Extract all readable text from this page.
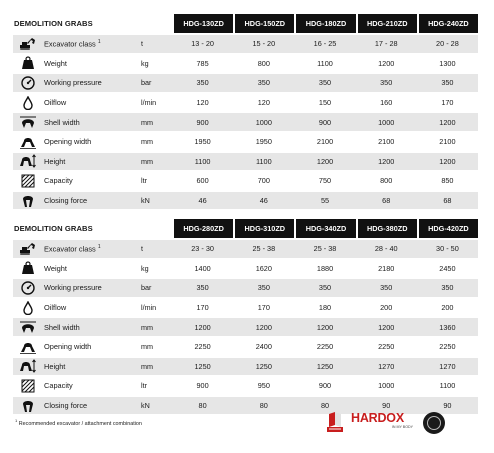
DEMOLITION GRABS	HDG-130ZD	HDG-150ZD	HDG-180ZD	HDG-210ZD	HDG-240ZD
Excavator class $^1$	t	13 - 20	15 - 20	16 - 25	17 - 28	20 - 28
Weight	kg	785	800	1100	1200	1300
Working pressure	bar	350	350	350	350	350
Oilflow	l/min	120	120	150	160	170
Shell width	mm	900	1000	900	1000	1200
Opening width	mm	1950	1950	2100	2100	2100
Height	mm	1100	1100	1200	1200	1200
Capacity	ltr	600	700	750	800	850
Closing force	kN	46	46	55	68	68
DEMOLITION GRABS	HDG-280ZD	HDG-310ZD	HDG-340ZD	HDG-380ZD	HDG-420ZD
Excavator class $^1$	t	23 - 30	25 - 38	25 - 38	28 - 40	30 - 50
Weight	kg	1400	1620	1880	2180	2450
Working pressure	bar	350	350	350	350	350
Oilflow	l/min	170	170	180	200	200
Shell width	mm	1200	1200	1200	1200	1360
Opening width	mm	2250	2400	2250	2250	2250
Height	mm	1250	1250	1250	1270	1270
Capacity	ltr	900	950	900	1000	1100
Closing force	kN	80	80	80	90	90
$^1$ Recommended excavator / attachment combination	HARDOX
IN MY BODY
